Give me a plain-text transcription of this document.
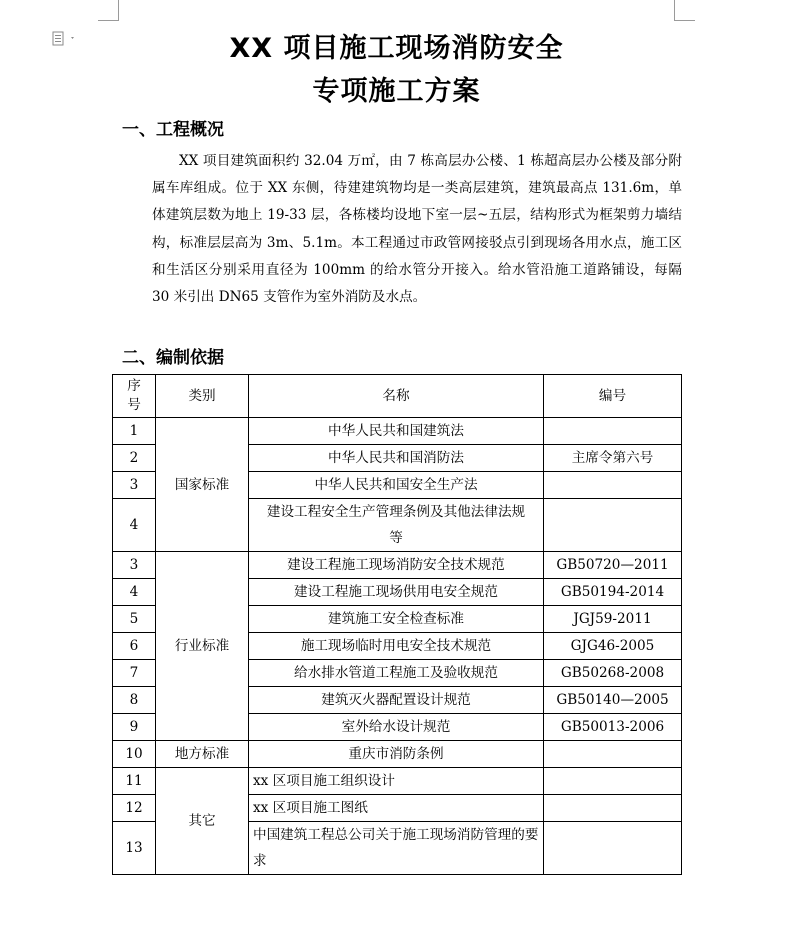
XX 项目施工现场消防安全
专项施工方案
一、工程概况
XX 项目建筑面积约 32.04 万㎡，由 7 栋高层办公楼、1 栋超高层办公楼及部分附属车库组成。位于 XX 东侧，待建建筑物均是一类高层建筑，建筑最高点 131.6m，单体建筑层数为地上 19-33 层，各栋楼均设地下室一层~五层，结构形式为框架剪力墙结构，标准层层高为 3m、5.1m。本工程通过市政管网接驳点引到现场各用水点，施工区和生活区分别采用直径为 100mm 的给水管分开接入。给水管沿施工道路铺设，每隔 30 米引出 DN65 支管作为室外消防及水点。
二、编制依据
序号	类别	名称	编号
1	国家标准	中华人民共和国建筑法	
2		中华人民共和国消防法	主席令第六号
3		中华人民共和国安全生产法	
4		建设工程安全生产管理条例及其他法律法规等	
3	行业标准	建设工程施工现场消防安全技术规范	GB50720—2011
4		建设工程施工现场供用电安全规范	GB50194-2014
5		建筑施工安全检查标准	JGJ59-2011
6		施工现场临时用电安全技术规范	GJG46-2005
7		给水排水管道工程施工及验收规范	GB50268-2008
8		建筑灭火器配置设计规范	GB50140—2005
9		室外给水设计规范	GB50013-2006
10	地方标准	重庆市消防条例	
11	其它	xx 区项目施工组织设计	
12		xx 区项目施工图纸	
13		中国建筑工程总公司关于施工现场消防管理的要求	
